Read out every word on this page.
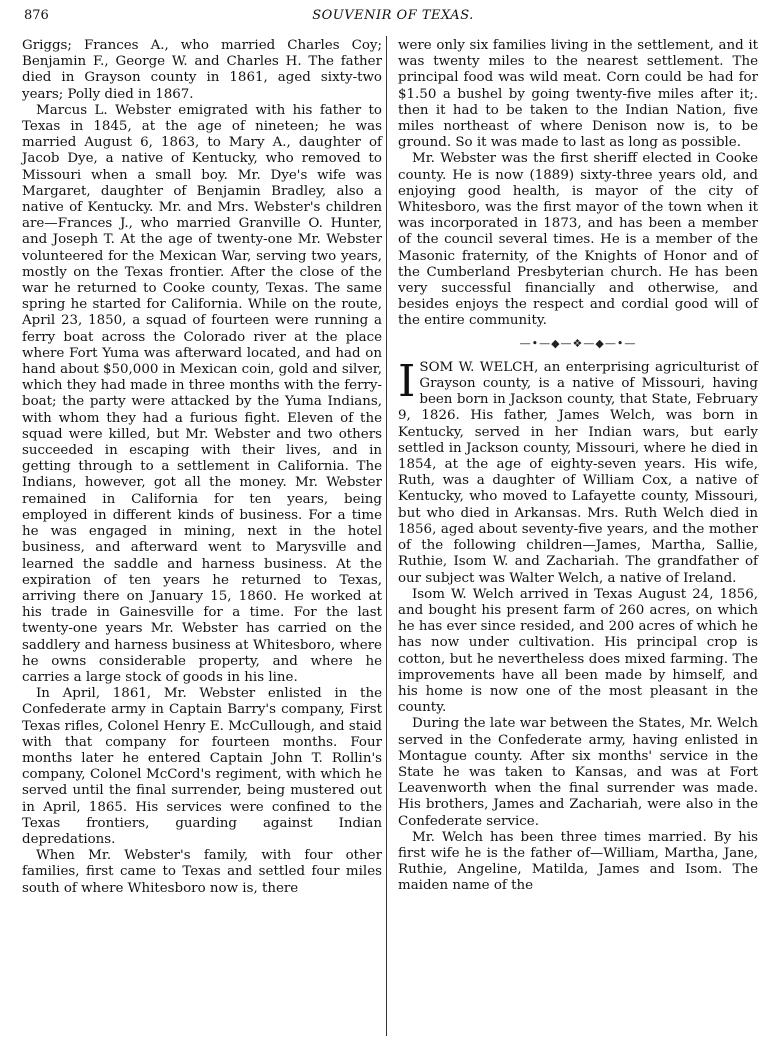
876	SOUVENIR OF TEXAS.

Griggs; Frances A., who married Charles Coy; Benjamin F., George W. and Charles H. The father died in Grayson county in 1861, aged sixty-two years; Polly died in 1867.

Marcus L. Webster emigrated with his father to Texas in 1845, at the age of nineteen; he was married August 6, 1863, to Mary A., daughter of Jacob Dye, a native of Kentucky, who removed to Missouri when a small boy. Mr. Dye's wife was Margaret, daughter of Benjamin Bradley, also a native of Kentucky. Mr. and Mrs. Webster's children are—Frances J., who married Granville O. Hunter, and Joseph T. At the age of twenty-one Mr. Webster volunteered for the Mexican War, serving two years, mostly on the Texas frontier. After the close of the war he returned to Cooke county, Texas. The same spring he started for California. While on the route, April 23, 1850, a squad of fourteen were running a ferry boat across the Colorado river at the place where Fort Yuma was afterward located, and had on hand about $50,000 in Mexican coin, gold and silver, which they had made in three months with the ferry-boat; the party were attacked by the Yuma Indians, with whom they had a furious fight. Eleven of the squad were killed, but Mr. Webster and two others succeeded in escaping with their lives, and in getting through to a settlement in California. The Indians, however, got all the money. Mr. Webster remained in California for ten years, being employed in different kinds of business. For a time he was engaged in mining, next in the hotel business, and afterward went to Marysville and learned the saddle and harness business. At the expiration of ten years he returned to Texas, arriving there on January 15, 1860. He worked at his trade in Gainesville for a time. For the last twenty-one years Mr. Webster has carried on the saddlery and harness business at Whitesboro, where he owns considerable property, and where he carries a large stock of goods in his line.

In April, 1861, Mr. Webster enlisted in the Confederate army in Captain Barry's company, First Texas rifles, Colonel Henry E. McCullough, and staid with that company for fourteen months. Four months later he entered Captain John T. Rollin's company, Colonel McCord's regiment, with which he served until the final surrender, being mustered out in April, 1865. His services were confined to the Texas frontiers, guarding against Indian depredations.

When Mr. Webster's family, with four other families, first came to Texas and settled four miles south of where Whitesboro now is, there

were only six families living in the settlement, and it was twenty miles to the nearest settlement. The principal food was wild meat. Corn could be had for $1.50 a bushel by going twenty-five miles after it;. then it had to be taken to the Indian Nation, five miles northeast of where Denison now is, to be ground. So it was made to last as long as possible.

Mr. Webster was the first sheriff elected in Cooke county. He is now (1889) sixty-three years old, and enjoying good health, is mayor of the city of Whitesboro, was the first mayor of the town when it was incorporated in 1873, and has been a member of the council several times. He is a member of the Masonic fraternity, of the Knights of Honor and of the Cumberland Presbyterian church. He has been very successful financially and otherwise, and besides enjoys the respect and cordial good will of the entire community.

—•—◆—❖—◆—•—

ISOM W. WELCH, an enterprising agriculturist of Grayson county, is a native of Missouri, having been born in Jackson county, that State, February 9, 1826. His father, James Welch, was born in Kentucky, served in her Indian wars, but early settled in Jackson county, Missouri, where he died in 1854, at the age of eighty-seven years. His wife, Ruth, was a daughter of William Cox, a native of Kentucky, who moved to Lafayette county, Missouri, but who died in Arkansas. Mrs. Ruth Welch died in 1856, aged about seventy-five years, and the mother of the following children—James, Martha, Sallie, Ruthie, Isom W. and Zachariah. The grandfather of our subject was Walter Welch, a native of Ireland.

Isom W. Welch arrived in Texas August 24, 1856, and bought his present farm of 260 acres, on which he has ever since resided, and 200 acres of which he has now under cultivation. His principal crop is cotton, but he nevertheless does mixed farming. The improvements have all been made by himself, and his home is now one of the most pleasant in the county.

During the late war between the States, Mr. Welch served in the Confederate army, having enlisted in Montague county. After six months' service in the State he was taken to Kansas, and was at Fort Leavenworth when the final surrender was made. His brothers, James and Zachariah, were also in the Confederate service.

Mr. Welch has been three times married. By his first wife he is the father of—William, Martha, Jane, Ruthie, Angeline, Matilda, James and Isom. The maiden name of the
